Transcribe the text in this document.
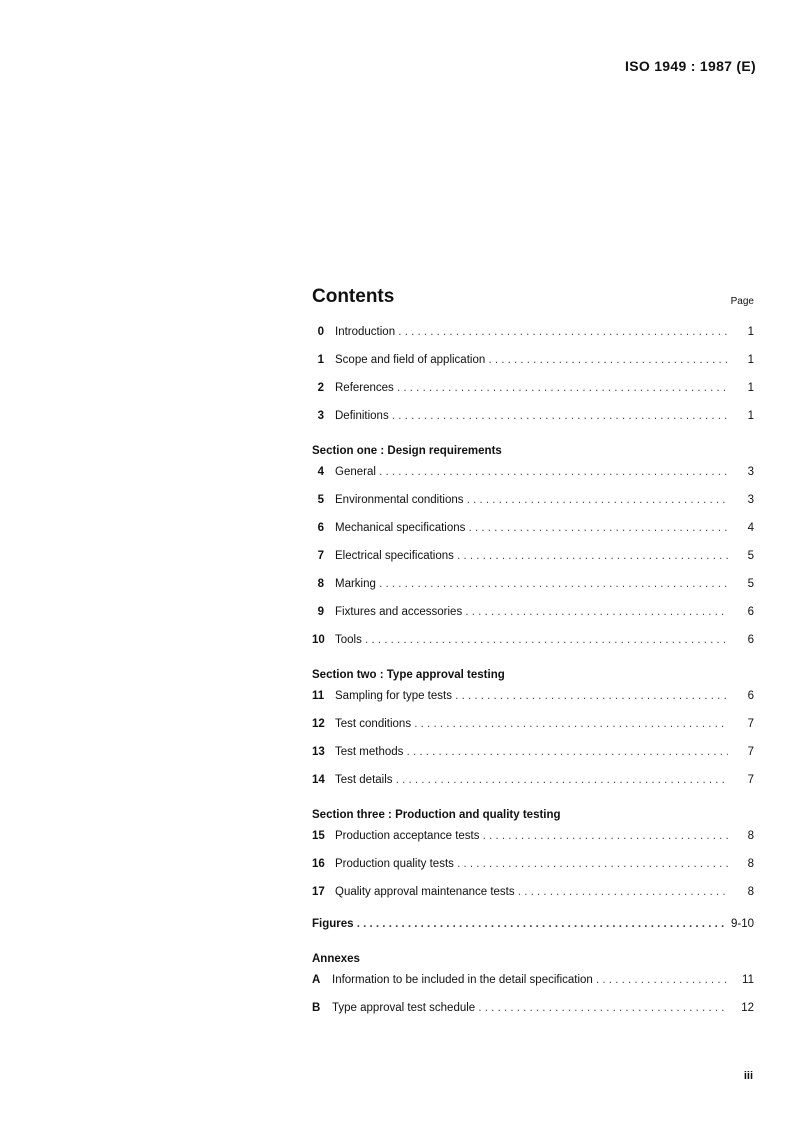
ISO 1949 : 1987 (E)
Contents	Page
0 Introduction . . .	1
1 Scope and field of application . . .	1
2 References . . .	1
3 Definitions . . .	1
Section one : Design requirements
4 General . . .	3
5 Environmental conditions . . .	3
6 Mechanical specifications . . .	4
7 Electrical specifications . . .	5
8 Marking . . .	5
9 Fixtures and accessories . . .	6
10 Tools . . .	6
Section two : Type approval testing
11 Sampling for type tests . . .	6
12 Test conditions . . .	7
13 Test methods . . .	7
14 Test details . . .	7
Section three : Production and quality testing
15 Production acceptance tests . . .	8
16 Production quality tests . . .	8
17 Quality approval maintenance tests . . .	8
Figures . . .	9-10
Annexes
A Information to be included in the detail specification . . .	11
B Type approval test schedule . . .	12
iii
